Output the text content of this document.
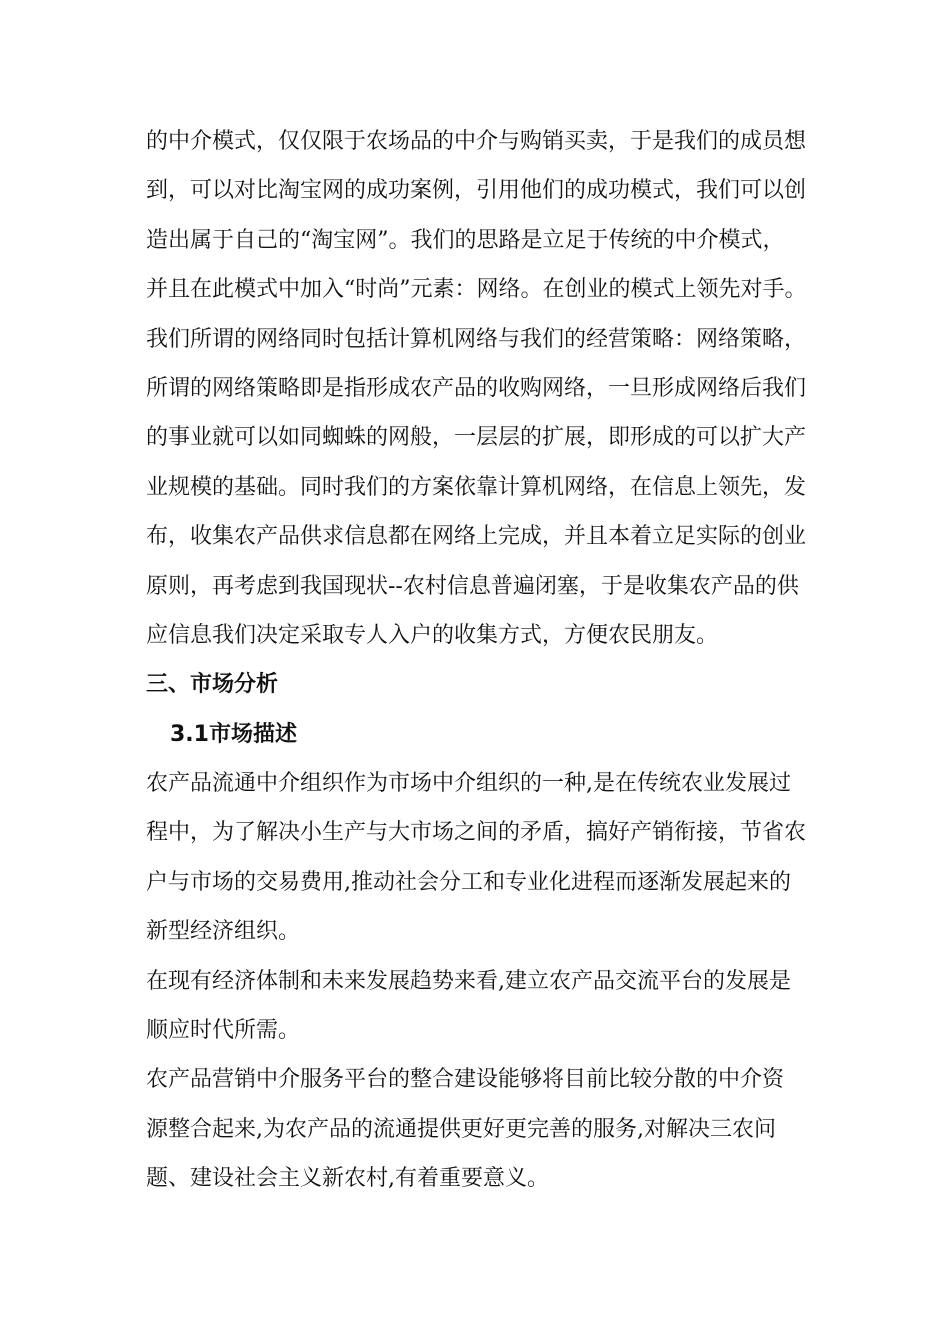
的中介模式，仅仅限于农场品的中介与购销买卖，于是我们的成员想
到，可以对比淘宝网的成功案例，引用他们的成功模式，我们可以创
造出属于自己的“淘宝网”。我们的思路是立足于传统的中介模式，
并且在此模式中加入“时尚”元素：网络。在创业的模式上领先对手。
我们所谓的网络同时包括计算机网络与我们的经营策略：网络策略，
所谓的网络策略即是指形成农产品的收购网络，一旦形成网络后我们
的事业就可以如同蜘蛛的网般，一层层的扩展，即形成的可以扩大产
业规模的基础。同时我们的方案依靠计算机网络，在信息上领先，发
布，收集农产品供求信息都在网络上完成，并且本着立足实际的创业
原则，再考虑到我国现状--农村信息普遍闭塞，于是收集农产品的供
应信息我们决定采取专人入户的收集方式，方便农民朋友。
三、市场分析
3.1市场描述
农产品流通中介组织作为市场中介组织的一种,是在传统农业发展过
程中，为了解决小生产与大市场之间的矛盾，搞好产销衔接，节省农
户与市场的交易费用,推动社会分工和专业化进程而逐渐发展起来的
新型经济组织。
在现有经济体制和未来发展趋势来看,建立农产品交流平台的发展是
顺应时代所需。
农产品营销中介服务平台的整合建设能够将目前比较分散的中介资
源整合起来,为农产品的流通提供更好更完善的服务,对解决三农问
题、建设社会主义新农村,有着重要意义。
